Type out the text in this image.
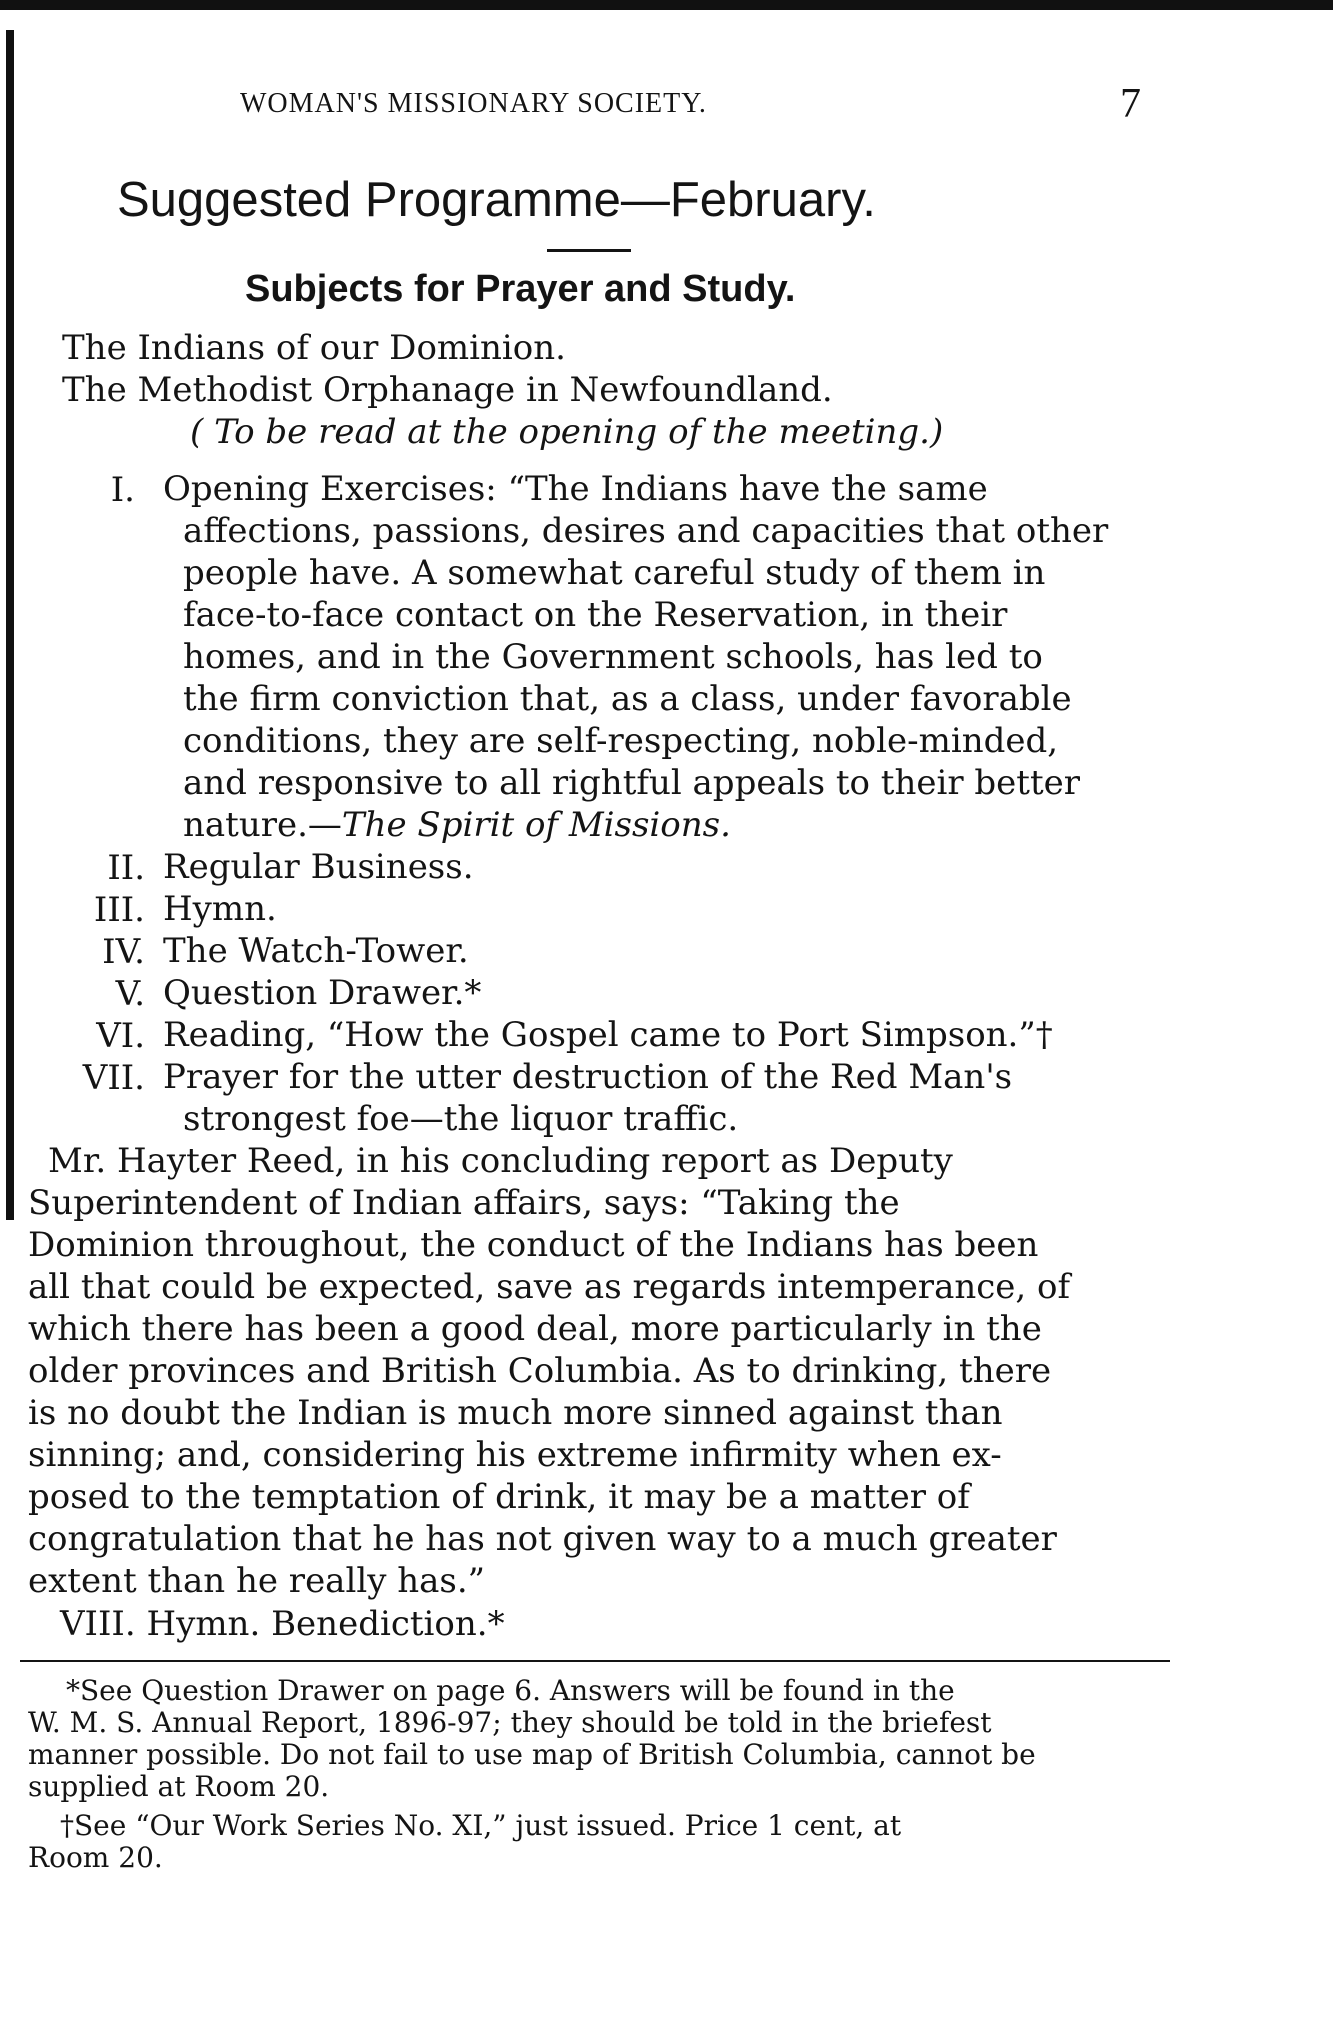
WOMAN'S MISSIONARY SOCIETY.	7
Suggested Programme—February.
Subjects for Prayer and Study.
The Indians of our Dominion.
The Methodist Orphanage in Newfoundland.
( To be read at the opening of the meeting.)
I. Opening Exercises: “The Indians have the same
affections, passions, desires and capacities that other
people have. A somewhat careful study of them in
face-to-face contact on the Reservation, in their
homes, and in the Government schools, has led to
the firm conviction that, as a class, under favorable
conditions, they are self-respecting, noble-minded,
and responsive to all rightful appeals to their better
nature.—The Spirit of Missions.
II. Regular Business.
III. Hymn.
IV. The Watch-Tower.
V. Question Drawer.*
VI. Reading, “How the Gospel came to Port Simpson.”†
VII. Prayer for the utter destruction of the Red Man's
strongest foe—the liquor traffic.
Mr. Hayter Reed, in his concluding report as Deputy
Superintendent of Indian affairs, says: “Taking the
Dominion throughout, the conduct of the Indians has been
all that could be expected, save as regards intemperance, of
which there has been a good deal, more particularly in the
older provinces and British Columbia. As to drinking, there
is no doubt the Indian is much more sinned against than
sinning; and, considering his extreme infirmity when ex-
posed to the temptation of drink, it may be a matter of
congratulation that he has not given way to a much greater
extent than he really has.”
VIII. Hymn. Benediction.*
*See Question Drawer on page 6. Answers will be found in the
W. M. S. Annual Report, 1896-97; they should be told in the briefest
manner possible. Do not fail to use map of British Columbia, cannot be
supplied at Room 20.
†See “Our Work Series No. XI,” just issued. Price 1 cent, at
Room 20.
